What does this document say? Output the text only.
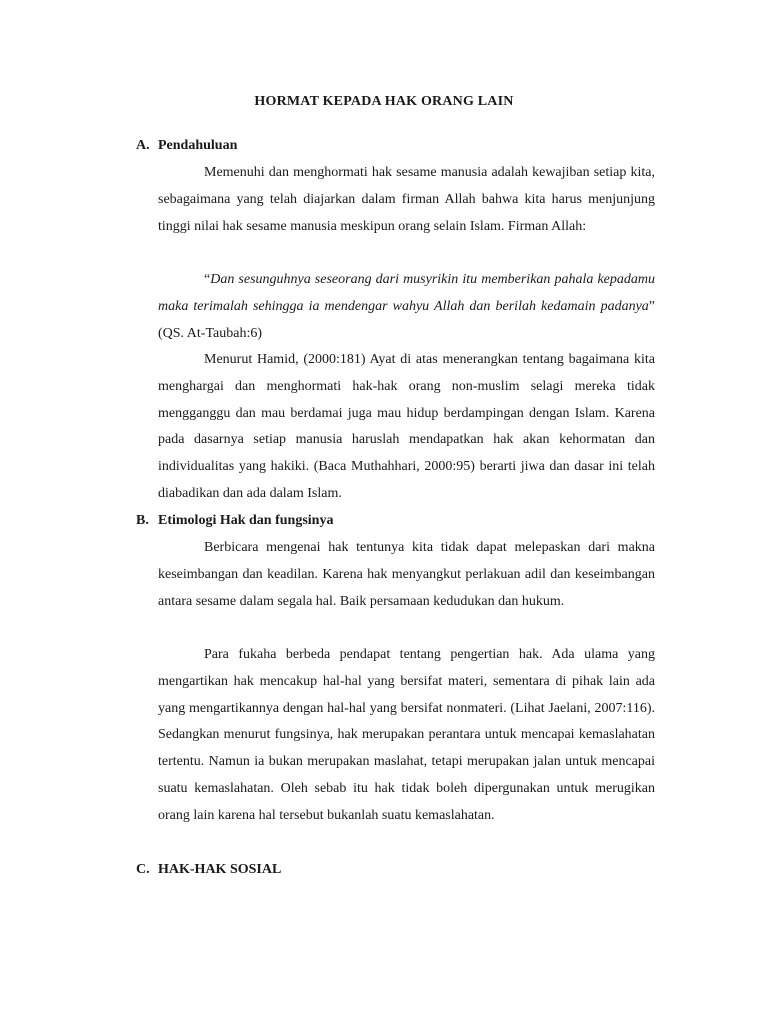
HORMAT KEPADA HAK ORANG LAIN
A. Pendahuluan
Memenuhi dan menghormati hak sesame manusia adalah kewajiban setiap kita, sebagaimana yang telah diajarkan dalam firman Allah bahwa kita harus menjunjung tinggi nilai hak sesame manusia meskipun orang selain Islam. Firman Allah:
“Dan sesunguhnya seseorang dari musyrikin itu memberikan pahala kepadamu maka terimalah sehingga ia mendengar wahyu Allah dan berilah kedamain padanya” (QS. At-Taubah:6)
Menurut Hamid, (2000:181) Ayat di atas menerangkan tentang bagaimana kita menghargai dan menghormati hak-hak orang non-muslim selagi mereka tidak mengganggu dan mau berdamai juga mau hidup berdampingan dengan Islam. Karena pada dasarnya setiap manusia haruslah mendapatkan hak akan kehormatan dan individualitas yang hakiki. (Baca Muthahhari, 2000:95) berarti jiwa dan dasar ini telah diabadikan dan ada dalam Islam.
B. Etimologi Hak dan fungsinya
Berbicara mengenai hak tentunya kita tidak dapat melepaskan dari makna keseimbangan dan keadilan. Karena hak menyangkut perlakuan adil dan keseimbangan antara sesame dalam segala hal. Baik persamaan kedudukan dan hukum.
Para fukaha berbeda pendapat tentang pengertian hak. Ada ulama yang mengartikan hak mencakup hal-hal yang bersifat materi, sementara di pihak lain ada yang mengartikannya dengan hal-hal yang bersifat nonmateri. (Lihat Jaelani, 2007:116). Sedangkan menurut fungsinya, hak merupakan perantara untuk mencapai kemaslahatan tertentu. Namun ia bukan merupakan maslahat, tetapi merupakan jalan untuk mencapai suatu kemaslahatan. Oleh sebab itu hak tidak boleh dipergunakan untuk merugikan orang lain karena hal tersebut bukanlah suatu kemaslahatan.
C. HAK-HAK SOSIAL
